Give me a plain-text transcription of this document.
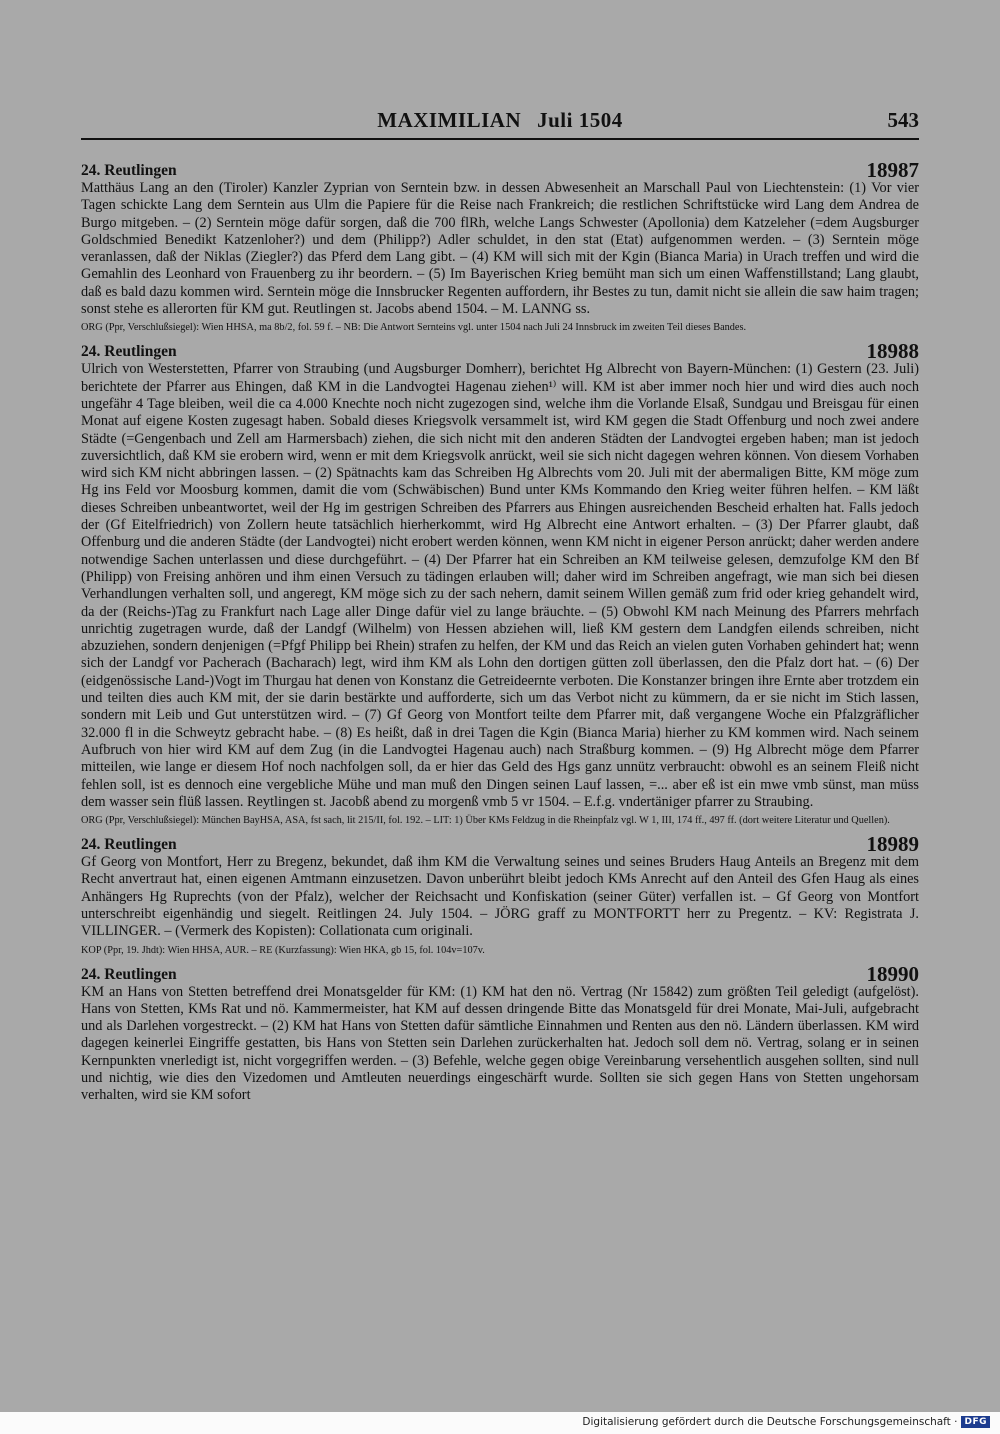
MAXIMILIAN Juli 1504	543
24. Reutlingen	18987

Matthäus Lang an den (Tiroler) Kanzler Zyprian von Serntein bzw. in dessen Abwesenheit an Marschall Paul von Liechtenstein: (1) Vor vier Tagen schickte Lang dem Serntein aus Ulm die Papiere für die Reise nach Frankreich; die restlichen Schriftstücke wird Lang dem Andrea de Burgo mitgeben. – (2) Serntein möge dafür sorgen, daß die 700 flRh, welche Langs Schwester (Apollonia) dem Katzeleher (=dem Augsburger Goldschmied Benedikt Katzenloher?) und dem (Philipp?) Adler schuldet, in den stat (Etat) aufgenommen werden. – (3) Serntein möge veranlassen, daß der Niklas (Ziegler?) das Pferd dem Lang gibt. – (4) KM will sich mit der Kgin (Bianca Maria) in Urach treffen und wird die Gemahlin des Leonhard von Frauenberg zu ihr beordern. – (5) Im Bayerischen Krieg bemüht man sich um einen Waffenstillstand; Lang glaubt, daß es bald dazu kommen wird. Serntein möge die Innsbrucker Regenten auffordern, ihr Bestes zu tun, damit nicht sie allein die saw haim tragen; sonst stehe es allerorten für KM gut. Reutlingen st. Jacobs abend 1504. – M. LANNG ss.

ORG (Ppr, Verschlußsiegel): Wien HHSA, ma 8b/2, fol. 59 f. – NB: Die Antwort Sernteins vgl. unter 1504 nach Juli 24 Innsbruck im zweiten Teil dieses Bandes.

24. Reutlingen	18988

Ulrich von Westerstetten, Pfarrer von Straubing (und Augsburger Domherr), berichtet Hg Albrecht von Bayern-München: (1) Gestern (23. Juli) berichtete der Pfarrer aus Ehingen, daß KM in die Landvogtei Hagenau ziehen¹⁾ will. KM ist aber immer noch hier und wird dies auch noch ungefähr 4 Tage bleiben, weil die ca 4.000 Knechte noch nicht zugezogen sind, welche ihm die Vorlande Elsaß, Sundgau und Breisgau für einen Monat auf eigene Kosten zugesagt haben. Sobald dieses Kriegsvolk versammelt ist, wird KM gegen die Stadt Offenburg und noch zwei andere Städte (=Gengenbach und Zell am Harmersbach) ziehen, die sich nicht mit den anderen Städten der Landvogtei ergeben haben; man ist jedoch zuversichtlich, daß KM sie erobern wird, wenn er mit dem Kriegsvolk anrückt, weil sie sich nicht dagegen wehren können. Von diesem Vorhaben wird sich KM nicht abbringen lassen. – (2) Spätnachts kam das Schreiben Hg Albrechts vom 20. Juli mit der abermaligen Bitte, KM möge zum Hg ins Feld vor Moosburg kommen, damit die vom (Schwäbischen) Bund unter KMs Kommando den Krieg weiter führen helfen. – KM läßt dieses Schreiben unbeantwortet, weil der Hg im gestrigen Schreiben des Pfarrers aus Ehingen ausreichenden Bescheid erhalten hat. Falls jedoch der (Gf Eitelfriedrich) von Zollern heute tatsächlich hierherkommt, wird Hg Albrecht eine Antwort erhalten. – (3) Der Pfarrer glaubt, daß Offenburg und die anderen Städte (der Landvogtei) nicht erobert werden können, wenn KM nicht in eigener Person anrückt; daher werden andere notwendige Sachen unterlassen und diese durchgeführt. – (4) Der Pfarrer hat ein Schreiben an KM teilweise gelesen, demzufolge KM den Bf (Philipp) von Freising anhören und ihm einen Versuch zu tädingen erlauben will; daher wird im Schreiben angefragt, wie man sich bei diesen Verhandlungen verhalten soll, und angeregt, KM möge sich zu der sach nehern, damit seinem Willen gemäß zum frid oder krieg gehandelt wird, da der (Reichs-)Tag zu Frankfurt nach Lage aller Dinge dafür viel zu lange bräuchte. – (5) Obwohl KM nach Meinung des Pfarrers mehrfach unrichtig zugetragen wurde, daß der Landgf (Wilhelm) von Hessen abziehen will, ließ KM gestern dem Landgfen eilends schreiben, nicht abzuziehen, sondern denjenigen (=Pfgf Philipp bei Rhein) strafen zu helfen, der KM und das Reich an vielen guten Vorhaben gehindert hat; wenn sich der Landgf vor Pacherach (Bacharach) legt, wird ihm KM als Lohn den dortigen gütten zoll überlassen, den die Pfalz dort hat. – (6) Der (eidgenössische Land-)Vogt im Thurgau hat denen von Konstanz die Getreideernte verboten. Die Konstanzer bringen ihre Ernte aber trotzdem ein und teilten dies auch KM mit, der sie darin bestärkte und aufforderte, sich um das Verbot nicht zu kümmern, da er sie nicht im Stich lassen, sondern mit Leib und Gut unterstützen wird. – (7) Gf Georg von Montfort teilte dem Pfarrer mit, daß vergangene Woche ein Pfalzgräflicher 32.000 fl in die Schweytz gebracht habe. – (8) Es heißt, daß in drei Tagen die Kgin (Bianca Maria) hierher zu KM kommen wird. Nach seinem Aufbruch von hier wird KM auf dem Zug (in die Landvogtei Hagenau auch) nach Straßburg kommen. – (9) Hg Albrecht möge dem Pfarrer mitteilen, wie lange er diesem Hof noch nachfolgen soll, da er hier das Geld des Hgs ganz unnütz verbraucht: obwohl es an seinem Fleiß nicht fehlen soll, ist es dennoch eine vergebliche Mühe und man muß den Dingen seinen Lauf lassen, =... aber eß ist ein mwe vmb sünst, man müss dem wasser sein flüß lassen. Reytlingen st. Jacobß abend zu morgenß vmb 5 vr 1504. – E.f.g. vndertäniger pfarrer zu Straubing.

ORG (Ppr, Verschlußsiegel): München BayHSA, ASA, fst sach, lit 215/II, fol. 192. – LIT: 1) Über KMs Feldzug in die Rheinpfalz vgl. W 1, III, 174 ff., 497 ff. (dort weitere Literatur und Quellen).

24. Reutlingen	18989

Gf Georg von Montfort, Herr zu Bregenz, bekundet, daß ihm KM die Verwaltung seines und seines Bruders Haug Anteils an Bregenz mit dem Recht anvertraut hat, einen eigenen Amtmann einzusetzen. Davon unberührt bleibt jedoch KMs Anrecht auf den Anteil des Gfen Haug als eines Anhängers Hg Ruprechts (von der Pfalz), welcher der Reichsacht und Konfiskation (seiner Güter) verfallen ist. – Gf Georg von Montfort unterschreibt eigenhändig und siegelt. Reitlingen 24. July 1504. – JÖRG graff zu MONTFORTT herr zu Pregentz. – KV: Registrata J. VILLINGER. – (Vermerk des Kopisten): Collationata cum originali.

KOP (Ppr, 19. Jhdt): Wien HHSA, AUR. – RE (Kurzfassung): Wien HKA, gb 15, fol. 104v=107v.

24. Reutlingen	18990

KM an Hans von Stetten betreffend drei Monatsgelder für KM: (1) KM hat den nö. Vertrag (Nr 15842) zum größten Teil geledigt (aufgelöst). Hans von Stetten, KMs Rat und nö. Kammermeister, hat KM auf dessen dringende Bitte das Monatsgeld für drei Monate, Mai-Juli, aufgebracht und als Darlehen vorgestreckt. – (2) KM hat Hans von Stetten dafür sämtliche Einnahmen und Renten aus den nö. Ländern überlassen. KM wird dagegen keinerlei Eingriffe gestatten, bis Hans von Stetten sein Darlehen zurückerhalten hat. Jedoch soll dem nö. Vertrag, solang er in seinen Kernpunkten vnerledigt ist, nicht vorgegriffen werden. – (3) Befehle, welche gegen obige Vereinbarung versehentlich ausgehen sollten, sind null und nichtig, wie dies den Vizedomen und Amtleuten neuerdings eingeschärft wurde. Sollten sie sich gegen Hans von Stetten ungehorsam verhalten, wird sie KM sofort

Digitalisierung gefördert durch die Deutsche Forschungsgemeinschaft · DFG
